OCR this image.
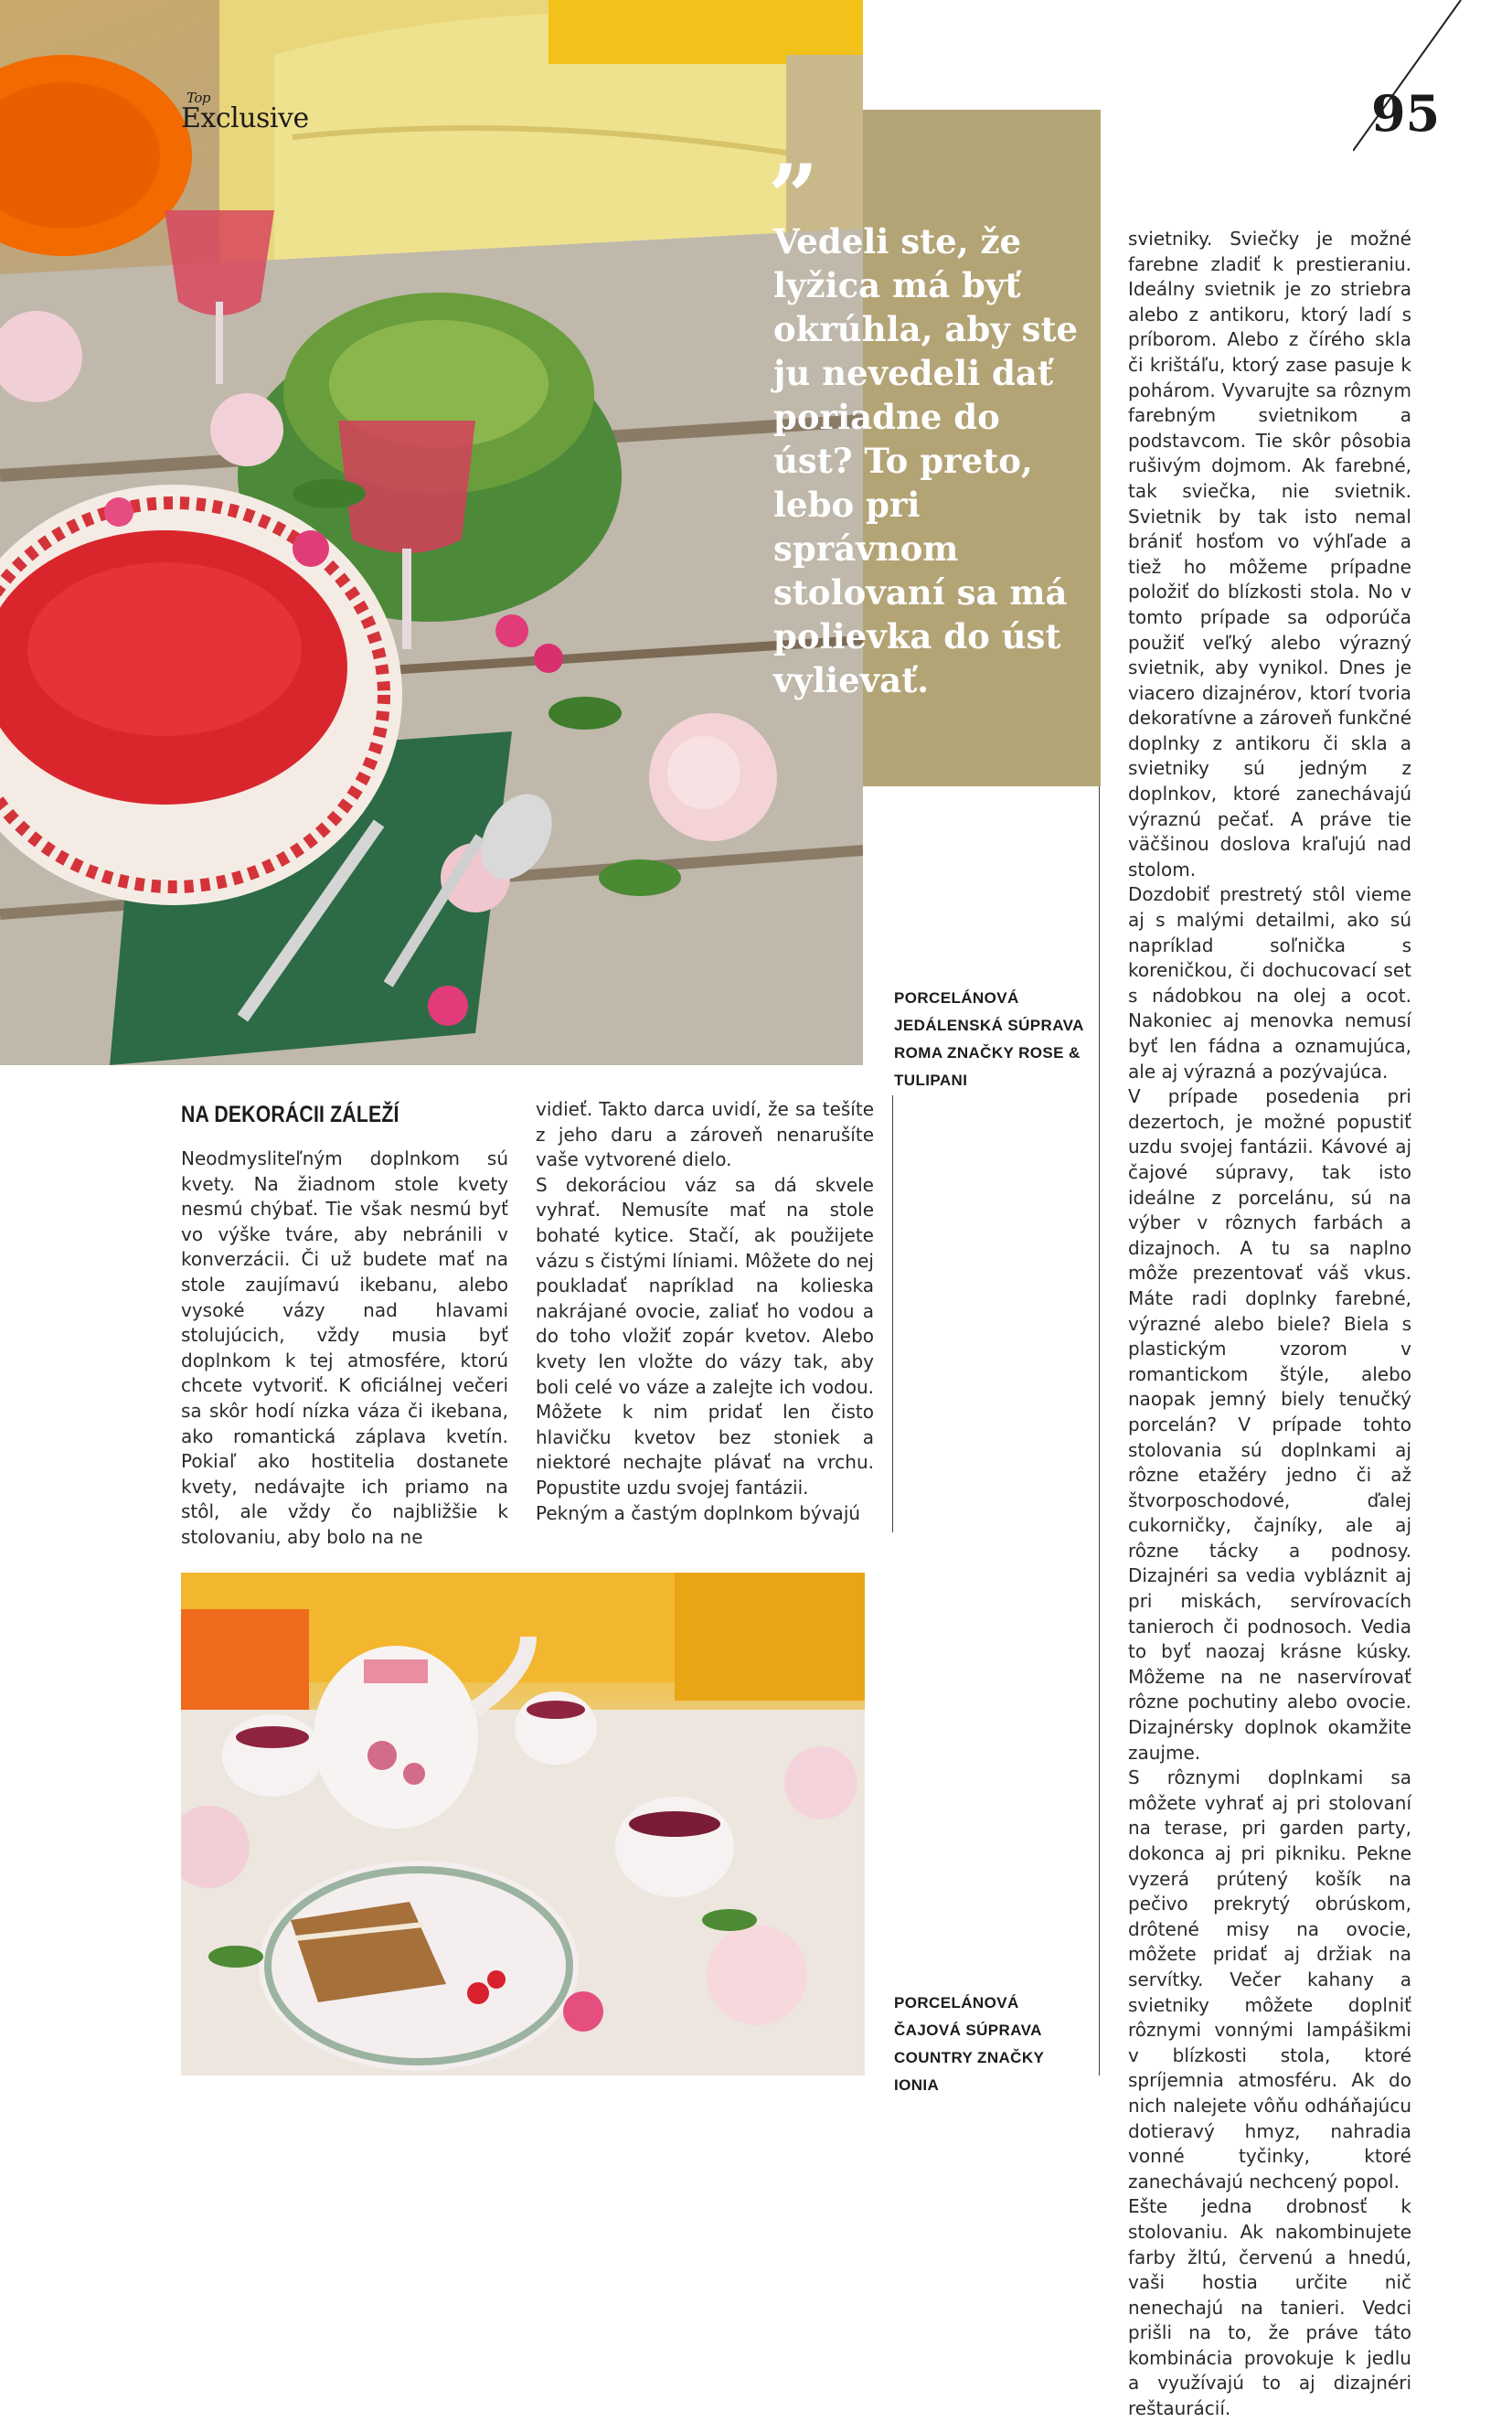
Top
Exclusive	95
”
Vedeli ste, že lyžica má byť okrúhla, aby ste ju nevedeli dať poriadne do úst? To preto, lebo pri správnom stolovaní sa má polievka do úst vylievať.
PORCELÁNOVÁ JEDÁLENSKÁ SÚPRAVA ROMA ZNAČKY ROSE & TULIPANI

svietniky. Sviečky je možné farebne zladiť k prestieraniu. Ideálny svietnik je zo striebra alebo z antikoru, ktorý ladí s príborom. Alebo z čírého skla či krištáľu, ktorý zase pasuje k pohárom. Vyvarujte sa rôznym farebným svietnikom a podstavcom. Tie skôr pôsobia rušivým dojmom. Ak farebné, tak sviečka, nie svietnik. Svietnik by tak isto nemal brániť hosťom vo výhľade a tiež ho môžeme prípadne položiť do blízkosti stola. No v tomto prípade sa odporúča použiť veľký alebo výrazný svietnik, aby vynikol. Dnes je viacero dizajnérov, ktorí tvoria dekoratívne a zároveň funkčné doplnky z antikoru či skla a svietniky sú jedným z doplnkov, ktoré zanechávajú výraznú pečať. A práve tie väčšinou doslova kraľujú nad stolom.

Dozdobiť prestretý stôl vieme aj s malými detailmi, ako sú napríklad soľnička s koreničkou, či dochucovací set s nádobkou na olej a ocot. Nakoniec aj menovka nemusí byť len fádna a oznamujúca, ale aj výrazná a pozývajúca.

V prípade posedenia pri dezertoch, je možné popustiť uzdu svojej fantázii. Kávové aj čajové súpravy, tak isto ideálne z porcelánu, sú na výber v rôznych farbách a dizajnoch. A tu sa naplno môže prezentovať váš vkus. Máte radi doplnky farebné, výrazné alebo biele? Biela s plastickým vzorom v romantickom štýle, alebo naopak jemný biely tenučký porcelán? V prípade tohto stolovania sú doplnkami aj rôzne etažéry jedno či až štvorposchodové, ďalej cukorničky, čajníky, ale aj rôzne tácky a podnosy. Dizajnéri sa vedia vybláznit aj pri miskách, servírovacích tanieroch či podnosoch. Vedia to byť naozaj krásne kúsky. Môžeme na ne naservírovať rôzne pochutiny alebo ovocie. Dizajnérsky doplnok okamžite zaujme.

S rôznymi doplnkami sa môžete vyhrať aj pri stolovaní na terase, pri garden party, dokonca aj pri pikniku. Pekne vyzerá prútený košík na pečivo prekrytý obrúskom, drôtené misy na ovocie, môžete pridať aj držiak na servítky. Večer kahany a svietniky môžete doplniť rôznymi vonnými lampášikmi v blízkosti stola, ktoré spríjemnia atmosféru. Ak do nich nalejete vôňu odháňajúcu dotieravý hmyz, nahradia vonné tyčinky, ktoré zanechávajú nechcený popol.

Ešte jedna drobnosť k stolovaniu. Ak nakombinujete farby žltú, červenú a hnedú, vaši hostia určite nič nenechajú na tanieri. Vedci prišli na to, že práve táto kombinácia provokuje k jedlu a využívajú to aj dizajnéri reštaurácií.

NA DEKORÁCII ZÁLEŽÍ

Neodmysliteľným doplnkom sú kvety. Na žiadnom stole kvety nesmú chýbať. Tie však nesmú byť vo výške tváre, aby nebránili v konverzácii. Či už budete mať na stole zaujímavú ikebanu, alebo vysoké vázy nad hlavami stolujúcich, vždy musia byť doplnkom k tej atmosfére, ktorú chcete vytvoriť. K oficiálnej večeri sa skôr hodí nízka váza či ikebana, ako romantická záplava kvetín. Pokiaľ ako hostitelia dostanete kvety, nedávajte ich priamo na stôl, ale vždy čo najbližšie k stolovaniu, aby bolo na ne

vidieť. Takto darca uvidí, že sa tešíte z jeho daru a zároveň nenarušíte vaše vytvorené dielo.

S dekoráciou váz sa dá skvele vyhrať. Nemusíte mať na stole bohaté kytice. Stačí, ak použijete vázu s čistými líniami. Môžete do nej poukladať napríklad na kolieska nakrájané ovocie, zaliať ho vodou a do toho vložiť zopár kvetov. Alebo kvety len vložte do vázy tak, aby boli celé vo váze a zalejte ich vodou. Môžete k nim pridať len čisto hlavičku kvetov bez stoniek a niektoré nechajte plávať na vrchu. Popustite uzdu svojej fantázii.

Pekným a častým doplnkom bývajú

PORCELÁNOVÁ ČAJOVÁ SÚPRAVA COUNTRY ZNAČKY IONIA
